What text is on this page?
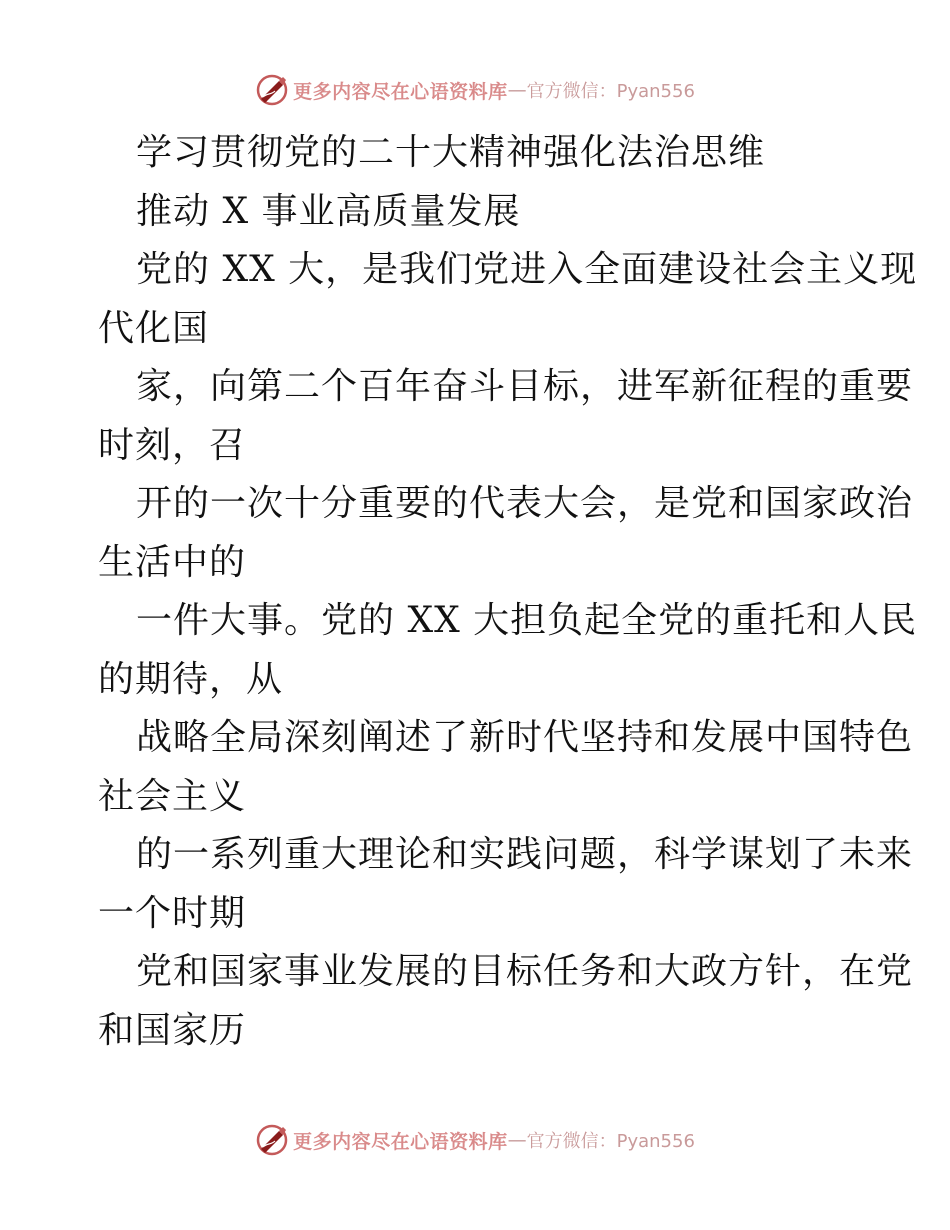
更多内容尽在心语资料库 — 官方微信：Pyan556
学习贯彻党的二十大精神强化法治思维
推动 X 事业高质量发展
党的 XX 大，是我们党进入全面建设社会主义现
代化国
家，向第二个百年奋斗目标，进军新征程的重要
时刻，召
开的一次十分重要的代表大会，是党和国家政治
生活中的
一件大事。党的 XX 大担负起全党的重托和人民
的期待，从
战略全局深刻阐述了新时代坚持和发展中国特色
社会主义
的一系列重大理论和实践问题，科学谋划了未来
一个时期
党和国家事业发展的目标任务和大政方针，在党
和国家历
更多内容尽在心语资料库 — 官方微信：Pyan556
